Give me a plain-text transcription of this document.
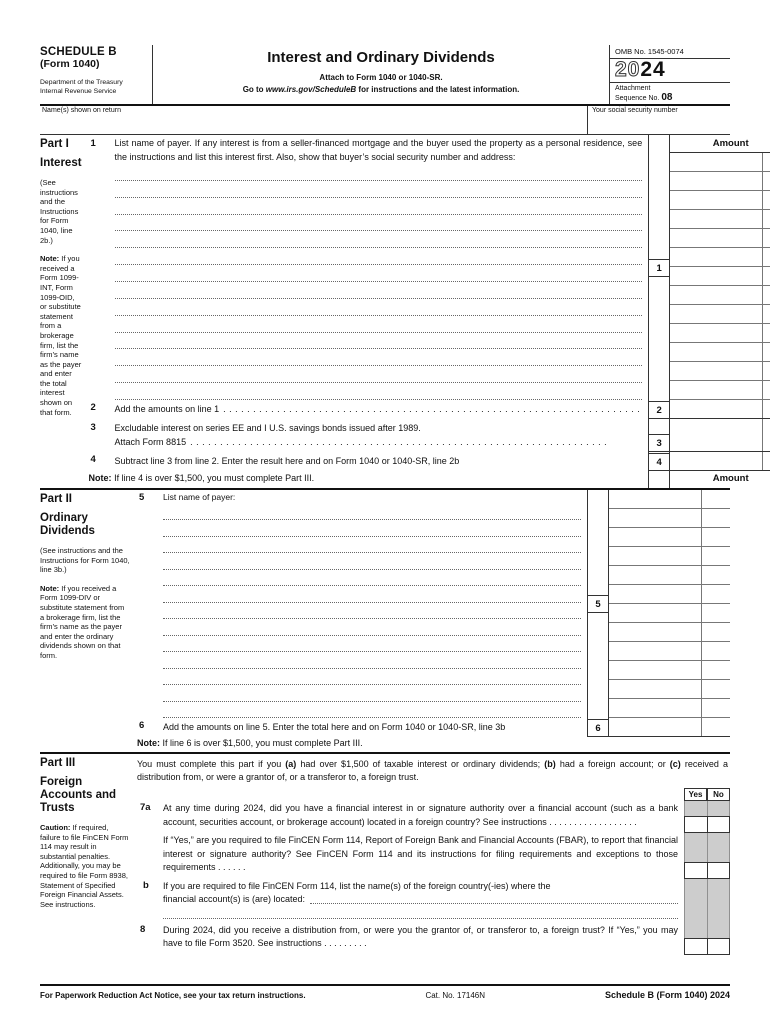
SCHEDULE B
(Form 1040)
Department of the Treasury
Internal Revenue Service
Interest and Ordinary Dividends
Attach to Form 1040 or 1040-SR.
Go to www.irs.gov/ScheduleB for instructions and the latest information.
OMB No. 1545-0074
2024
Attachment
Sequence No. 08
Name(s) shown on return	Your social security number
Part I
Interest
(See instructions and the Instructions for Form 1040, line 2b.)
Note: If you received a Form 1099-INT, Form 1099-OID, or substitute statement from a brokerage firm, list the firm’s name as the payer and enter the total interest shown on that form.
1	List name of payer. If any interest is from a seller-financed mortgage and the buyer used the property as a personal residence, see the instructions and list this interest first. Also, show that buyer’s social security number and address:
1
Amount
2	Add the amounts on line 1 . . . . . . . . . . . . . . . . . . . . . . . . . . . . . . . . . . . . . . . . . . . . . . . . . . . . . . . . . . . . . . . . . . . . . .	2
3	Excludable interest on series EE and I U.S. savings bonds issued after 1989.
Attach Form 8815 . . . . . . . . . . . . . . . . . . . . . . . . . . . . . . . . . . . . . . . . . . . . . . . . . . . . . . . . . . . . . . . . . . . . . .	3
4	Subtract line 3 from line 2. Enter the result here and on Form 1040 or 1040-SR, line 2b	4
Note: If line 4 is over $1,500, you must complete Part III.	Amount
Part II
Ordinary Dividends
(See instructions and the Instructions for Form 1040, line 3b.)
Note: If you received a Form 1099-DIV or substitute statement from a brokerage firm, list the firm’s name as the payer and enter the ordinary dividends shown on that form.
5	List name of payer:
5
6	Add the amounts on line 5. Enter the total here and on Form 1040 or 1040-SR, line 3b	6
Note: If line 6 is over $1,500, you must complete Part III.
Part III
Foreign Accounts and Trusts
Caution: If required, failure to file FinCEN Form 114 may result in substantial penalties. Additionally, you may be required to file Form 8938, Statement of Specified Foreign Financial Assets. See instructions.
You must complete this part if you (a) had over $1,500 of taxable interest or ordinary dividends; (b) had a foreign account; or (c) received a distribution from, or were a grantor of, or a transferor to, a foreign trust.
Yes	No
7a	At any time during 2024, did you have a financial interest in or signature authority over a financial account (such as a bank account, securities account, or brokerage account) located in a foreign country? See instructions . . . . . . . . . . . . . . . . . .
If “Yes,” are you required to file FinCEN Form 114, Report of Foreign Bank and Financial Accounts (FBAR), to report that financial interest or signature authority? See FinCEN Form 114 and its instructions for filing requirements and exceptions to those requirements . . . . . .
b	If you are required to file FinCEN Form 114, list the name(s) of the foreign country(-ies) where the
financial account(s) is (are) located:
8	During 2024, did you receive a distribution from, or were you the grantor of, or transferor to, a foreign trust? If “Yes,” you may have to file Form 3520. See instructions . . . . . . . . .
For Paperwork Reduction Act Notice, see your tax return instructions.	Cat. No. 17146N	Schedule B (Form 1040) 2024
